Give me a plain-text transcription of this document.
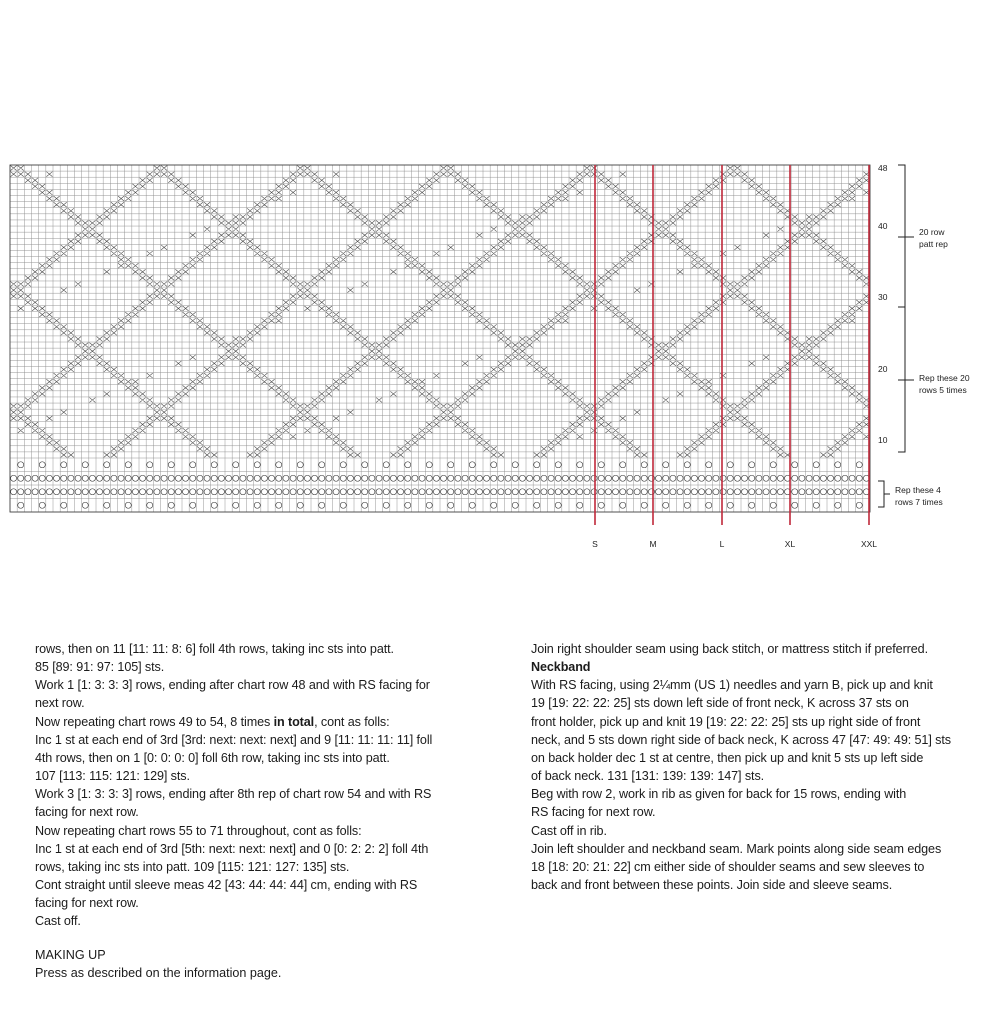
48
40
30
20
10
20 row
patt rep
Rep these 20
rows 5 times
Rep these 4
rows 7 times
S	M	L	XL	XXL

rows, then on 11 [11: 11: 8: 6] foll 4th rows, taking inc sts into patt.

85 [89: 91: 97: 105] sts.

Work 1 [1: 3: 3: 3] rows, ending after chart row 48 and with RS facing for

next row.

Now repeating chart rows 49 to 54, 8 times in total, cont as folls:

Inc 1 st at each end of 3rd [3rd: next: next: next] and 9 [11: 11: 11: 11] foll

4th rows, then on 1 [0: 0: 0: 0] foll 6th row, taking inc sts into patt.

107 [113: 115: 121: 129] sts.

Work 3 [1: 3: 3: 3] rows, ending after 8th rep of chart row 54 and with RS

facing for next row.

Now repeating chart rows 55 to 71 throughout, cont as folls:

Inc 1 st at each end of 3rd [5th: next: next: next] and 0 [0: 2: 2: 2] foll 4th

rows, taking inc sts into patt. 109 [115: 121: 127: 135] sts.

Cont straight until sleeve meas 42 [43: 44: 44: 44] cm, ending with RS

facing for next row.

Cast off.

MAKING UP

Press as described on the information page.

Join right shoulder seam using back stitch, or mattress stitch if preferred.

Neckband

With RS facing, using 2¼mm (US 1) needles and yarn B, pick up and knit

19 [19: 22: 22: 25] sts down left side of front neck, K across 37 sts on

front holder, pick up and knit 19 [19: 22: 22: 25] sts up right side of front

neck, and 5 sts down right side of back neck, K across 47 [47: 49: 49: 51] sts

on back holder dec 1 st at centre, then pick up and knit 5 sts up left side

of back neck. 131 [131: 139: 139: 147] sts.

Beg with row 2, work in rib as given for back for 15 rows, ending with

RS facing for next row.

Cast off in rib.

Join left shoulder and neckband seam. Mark points along side seam edges

18 [18: 20: 21: 22] cm either side of shoulder seams and sew sleeves to

back and front between these points. Join side and sleeve seams.
